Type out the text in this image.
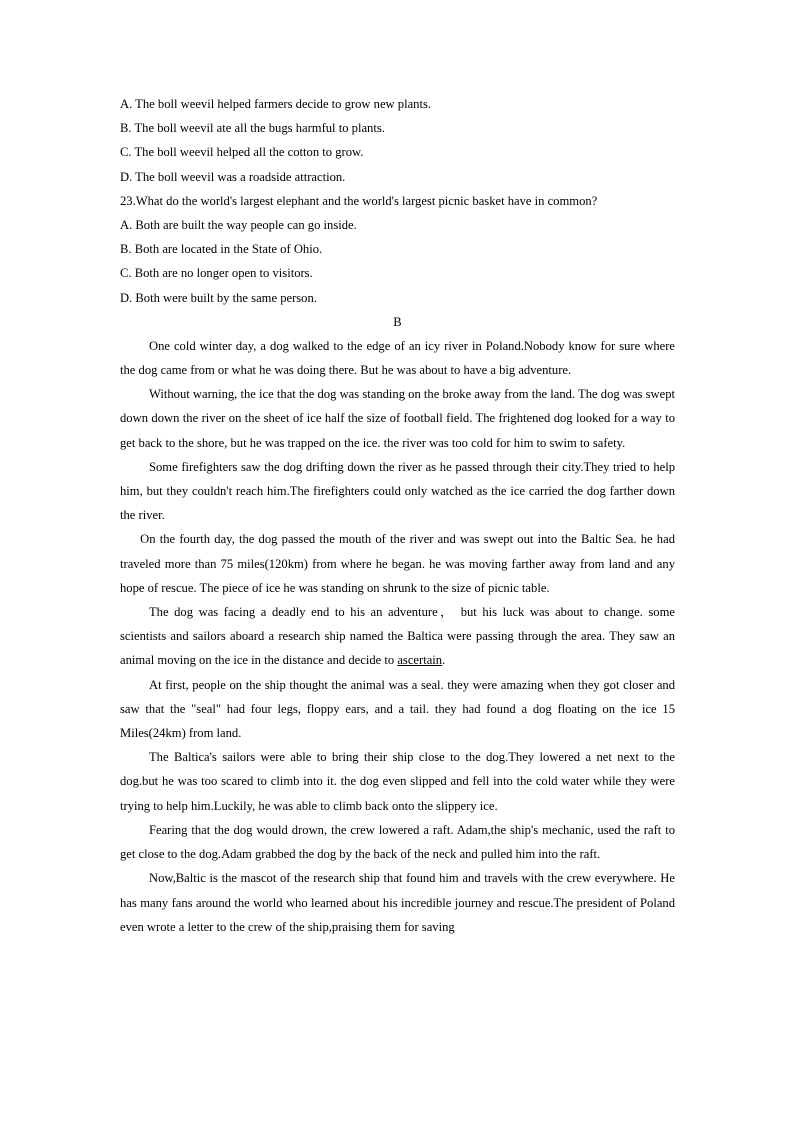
A. The boll weevil helped farmers decide to grow new plants.

B. The boll weevil ate all the bugs harmful to plants.

C. The boll weevil helped all the cotton to grow.

D. The boll weevil was a roadside attraction.

23.What do the world's largest elephant and the world's largest picnic basket have in common?

A. Both are built the way people can go inside.

B. Both are located in the State of Ohio.

C. Both are no longer open to visitors.

D. Both were built by the same person.

B

One cold winter day, a dog walked to the edge of an icy river in Poland.Nobody know for sure where the dog came from or what he was doing there. But he was about to have a big adventure.

Without warning, the ice that the dog was standing on the broke away from the land. The dog was swept down down the river on the sheet of ice half the size of football field. The frightened dog looked for a way to get back to the shore, but he was trapped on the ice. the river was too cold for him to swim to safety.

Some firefighters saw the dog drifting down the river as he passed through their city.They tried to help him, but they couldn't reach him.The firefighters could only watched as the ice carried the dog farther down the river.

On the fourth day, the dog passed the mouth of the river and was swept out into the Baltic Sea. he had traveled more than 75 miles(120km) from where he began. he was moving farther away from land and any hope of rescue. The piece of ice he was standing on shrunk to the size of picnic table.

The dog was facing a deadly end to his an adventure， but his luck was about to change. some scientists and sailors aboard a research ship named the Baltica were passing through the area. They saw an animal moving on the ice in the distance and decide to ascertain.

At first, people on the ship thought the animal was a seal. they were amazing when they got closer and saw that the "seal" had four legs, floppy ears, and a tail. they had found a dog floating on the ice 15 Miles(24km) from land.

The Baltica's sailors were able to bring their ship close to the dog.They lowered a net next to the dog.but he was too scared to climb into it. the dog even slipped and fell into the cold water while they were trying to help him.Luckily, he was able to climb back onto the slippery ice.

Fearing that the dog would drown, the crew lowered a raft. Adam,the ship's mechanic, used the raft to get close to the dog.Adam grabbed the dog by the back of the neck and pulled him into the raft.

Now,Baltic is the mascot of the research ship that found him and travels with the crew everywhere. He has many fans around the world who learned about his incredible journey and rescue.The president of Poland even wrote a letter to the crew of the ship,praising them for saving
